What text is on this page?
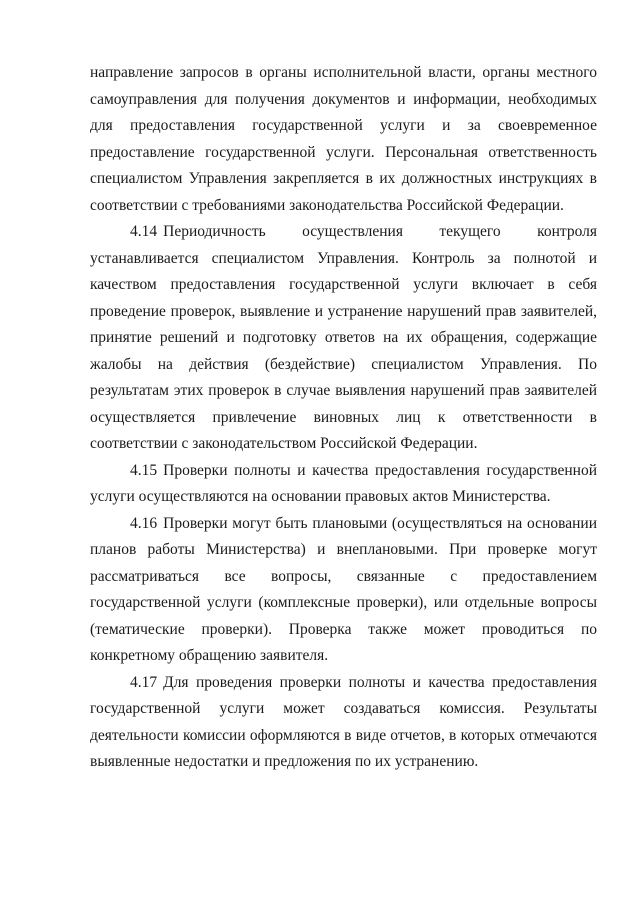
направление запросов в органы исполнительной власти, органы местного самоуправления для получения документов и информации, необходимых для предоставления государственной услуги и за своевременное предоставление государственной услуги. Персональная ответственность специалистом Управления закрепляется в их должностных инструкциях в соответствии с требованиями законодательства Российской Федерации.

4.14 Периодичность осуществления текущего контроля устанавливается специалистом Управления. Контроль за полнотой и качеством предоставления государственной услуги включает в себя проведение проверок, выявление и устранение нарушений прав заявителей, принятие решений и подготовку ответов на их обращения, содержащие жалобы на действия (бездействие) специалистом Управления. По результатам этих проверок в случае выявления нарушений прав заявителей осуществляется привлечение виновных лиц к ответственности в соответствии с законодательством Российской Федерации.

4.15 Проверки полноты и качества предоставления государственной услуги осуществляются на основании правовых актов Министерства.

4.16 Проверки могут быть плановыми (осуществляться на основании планов работы Министерства) и внеплановыми. При проверке могут рассматриваться все вопросы, связанные с предоставлением государственной услуги (комплексные проверки), или отдельные вопросы (тематические проверки). Проверка также может проводиться по конкретному обращению заявителя.

4.17 Для проведения проверки полноты и качества предоставления государственной услуги может создаваться комиссия. Результаты деятельности комиссии оформляются в виде отчетов, в которых отмечаются выявленные недостатки и предложения по их устранению.
